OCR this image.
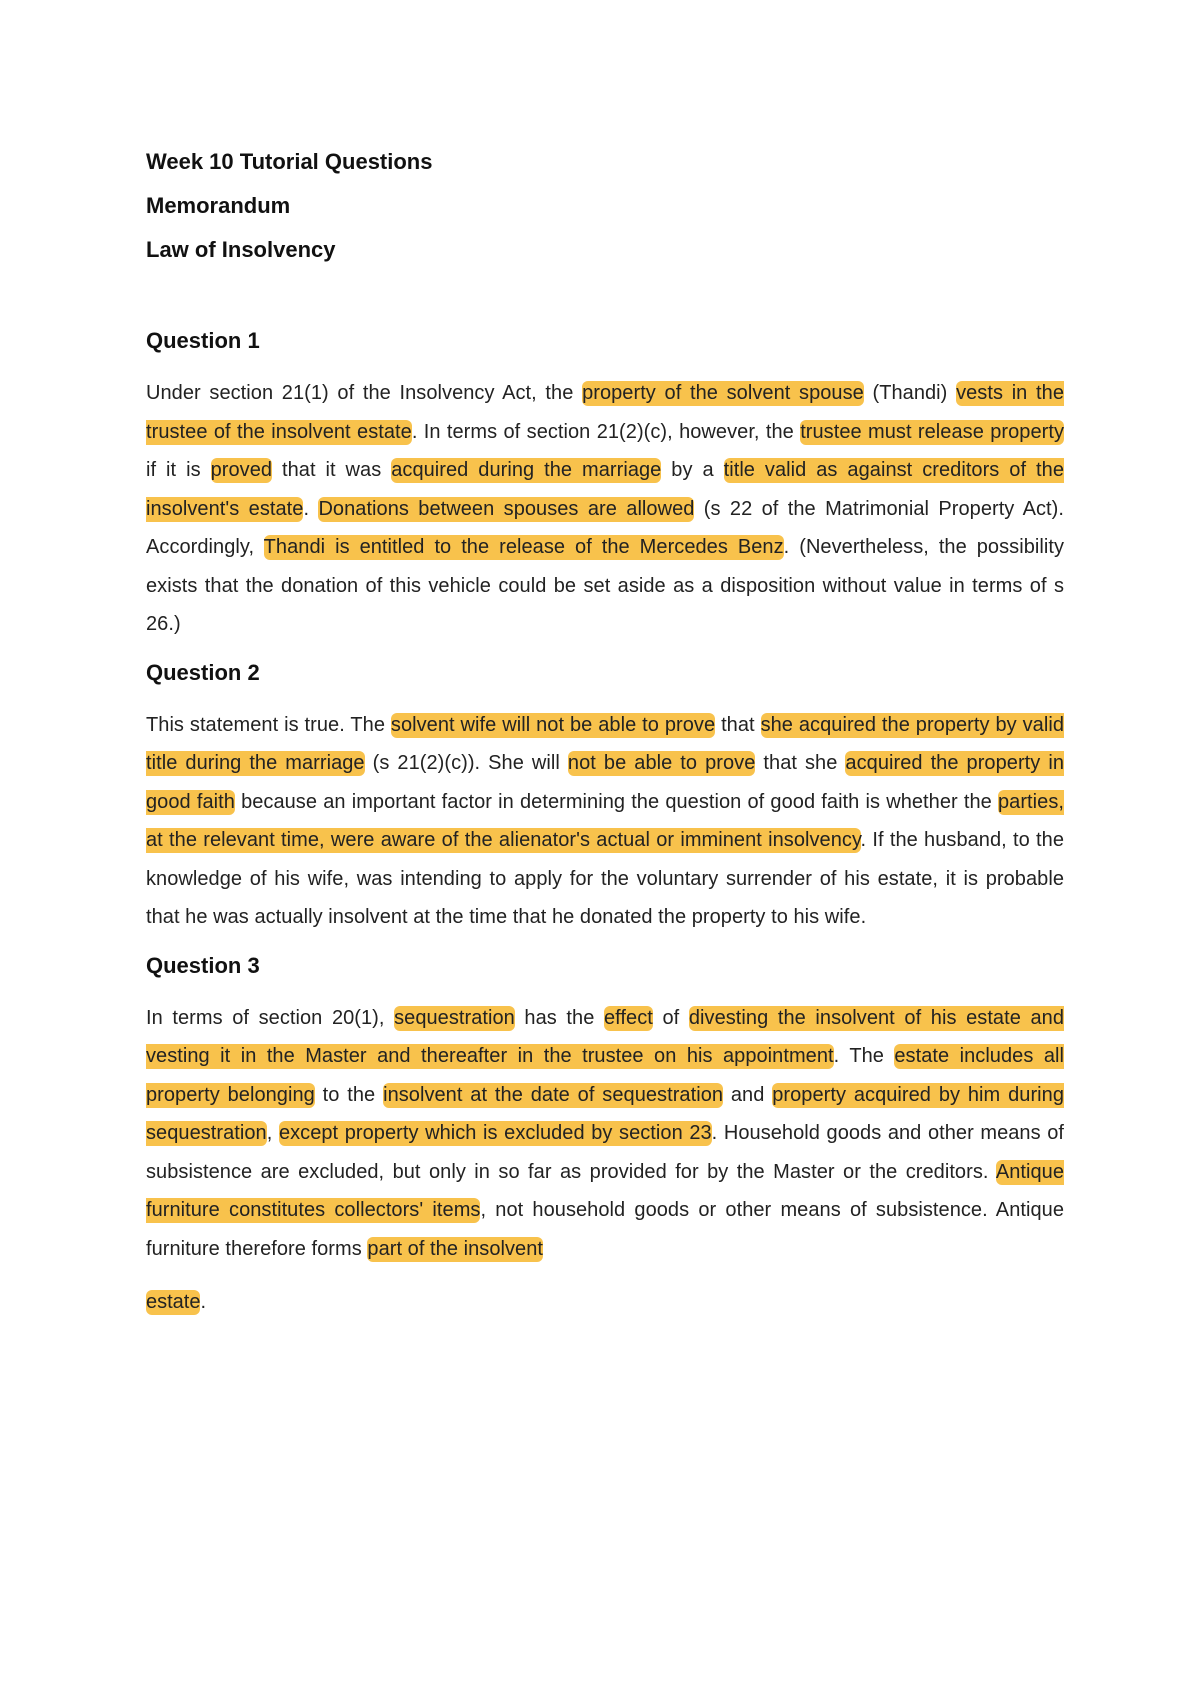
Week 10 Tutorial Questions
Memorandum
Law of Insolvency
Question 1

Under section 21(1) of the Insolvency Act, the property of the solvent spouse (Thandi) vests in the trustee of the insolvent estate. In terms of section 21(2)(c), however, the trustee must release property if it is proved that it was acquired during the marriage by a title valid as against creditors of the insolvent's estate. Donations between spouses are allowed (s 22 of the Matrimonial Property Act). Accordingly, Thandi is entitled to the release of the Mercedes Benz. (Nevertheless, the possibility exists that the donation of this vehicle could be set aside as a disposition without value in terms of s 26.)

Question 2

This statement is true. The solvent wife will not be able to prove that she acquired the property by valid title during the marriage (s 21(2)(c)). She will not be able to prove that she acquired the property in good faith because an important factor in determining the question of good faith is whether the parties, at the relevant time, were aware of the alienator's actual or imminent insolvency. If the husband, to the knowledge of his wife, was intending to apply for the voluntary surrender of his estate, it is probable that he was actually insolvent at the time that he donated the property to his wife.

Question 3

In terms of section 20(1), sequestration has the effect of divesting the insolvent of his estate and vesting it in the Master and thereafter in the trustee on his appointment. The estate includes all property belonging to the insolvent at the date of sequestration and property acquired by him during sequestration, except property which is excluded by section 23. Household goods and other means of subsistence are excluded, but only in so far as provided for by the Master or the creditors. Antique furniture constitutes collectors' items, not household goods or other means of subsistence. Antique furniture therefore forms part of the insolvent

estate.
